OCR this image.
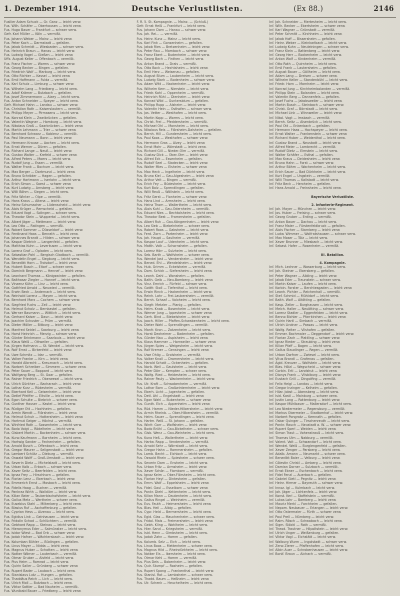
1. Dezember 1914.	Deutsche Verlustlisten.	(Ex 88.)	2146
Fusilier Adam Schuck — Gr. Ganz — leicht verw.
Fus. Wilh. Schäfer — Oberhausen — leicht verw.
Fus. Hugo Bauer — Frankfurt — schwer verw.
Gefr. Karl Müller — Köln — vermißt.
Fus. Johann Weber — Mainz — leicht verw.
Fus. Peter Koch — Darmstadt — gefallen.
Fus. Jakob Schmidt — Wiesbaden — schwer verw.
Fus. Heinrich Braun — Hanau — leicht verw.
Fus. Ludwig Vogel — Gießen — leicht verw.
Uffz. August Keller — Offenbach — vermißt.
Fus. Franz Fischer — Worms — schwer verw.
Fus. Georg Becker — Bingen — gefallen.
Fus. Friedrich Wolf — Marburg — leicht verw.
Fus. Otto Richter — Kassel — leicht verw.
Fus. Emil Hoffmann — Fulda — vermißt.
Fus. Karl Schulz — Limburg — schwer verw.
Fus. Wilhelm Lang — Friedberg — leicht verw.
Fus. Adolf Krämer — Butzbach — gefallen.
Fus. Josef Zimmermann — Alzey — leicht verw.
Fus. Anton Schneider — Speyer — leicht verw.
Gefr. Michael Hahn — Landau — schwer verw.
Fus. Christian Roth — Kaiserslautern — vermißt.
Fus. Philipp Meyer — Pirmasens — leicht verw.
Fus. Konrad Klein — Zweibrücken — gefallen.
Fus. Valentin Wagner — Homburg — leicht verw.
Fus. Nikolaus Groß — Saarbrücken — leicht verw.
Fus. Martin Lehmann — Trier — schwer verw.
Fus. Bernhard Schwarz — Koblenz — vermißt.
Fus. Paul Neumann — Bonn — leicht verw.
Fus. Hermann Krause — Aachen — leicht verw.
Fus. Ernst Werner — Düren — gefallen.
Fus. Richard Lange — Neuß — leicht verw.
Fus. Gustav Walter — Krefeld — schwer verw.
Fus. Alfred Peters — Moers — leicht verw.
Fus. Rudolf Jung — Essen — vermißt.
Fus. Walter Frank — Bochum — leicht verw.
Fus. Max Berger — Dortmund — leicht verw.
Fus. Bruno Schröder — Hagen — gefallen.
Fus. Arthur Hartmann — Iserlohn — leicht verw.
Fus. Erich Simon — Soest — schwer verw.
Fus. Kurt Ludwig — Arnsberg — leicht verw.
Fus. Willi Böhm — Siegen — leicht verw.
Fus. Fritz Winter — Olpe — vermißt.
Fus. Hans Kraus — Altena — leicht verw.
Fus. Heinz Schumacher — Lüdenscheid — leicht verw.
Fus. Alois Krüger — Remscheid — gefallen.
Fus. Eduard Vogt — Solingen — schwer verw.
Fus. Theodor Stein — Wuppertal — leicht verw.
Fus. Albert Jäger — Mettmann — leicht verw.
Fus. Leo Otto — Ratingen — vermißt.
Fus. Robert Sommer — Düsseldorf — leicht verw.
Fus. Ferdinand Haas — Benrath — leicht verw.
Fus. Johannes Brandt — Hilden — schwer verw.
Fus. Kaspar Dietrich — Langenfeld — gefallen.
Fus. Matthias Kuhn — Leverkusen — leicht verw.
Fus. Lorenz Graf — Opladen — leicht verw.
Fus. Sebastian Pohl — Bergisch Gladbach — vermißt.
Fus. Wendelin Engel — Siegburg — leicht verw.
Fus. Benedikt Horn — Troisdorf — leicht verw.
Fus. Hubert Busch — Eitorf — schwer verw.
Fus. Dominik Bergmann — Hennef — leicht verw.
Fus. Leonhard Thomas — Königswinter — gefallen.
Fus. Balthasar Ziegler — Honnef — leicht verw.
Fus. Vinzenz Kühn — Linz — leicht verw.
Fus. Gottfried Arnold — Neuwied — vermißt.
Fus. Erwin Beck — Andernach — leicht verw.
Fus. Reinhold Lorenz — Mayen — leicht verw.
Fus. Bernhard Marx — Cochem — schwer verw.
Fus. Siegfried Fuchs — Zell — leicht verw.
Fus. Helmut Scholz — Bernkastel — gefallen.
Fus. Werner Baumann — Wittlich — leicht verw.
Fus. Gerhard Kaiser — Daun — leicht verw.
Fus. Joachim Schuster — Prüm — vermißt.
Fus. Dieter Möller — Bitburg — leicht verw.
Fus. Manfred Seidel — Saarburg — leicht verw.
Fus. Horst Heinrich — Merzig — schwer verw.
Fus. Günter Brinkmann — Saarlouis — leicht verw.
Fus. Klaus Weiß — Ottweiler — gefallen.
Fus. Jürgen Hofmann — St. Wendel — leicht verw.
Fus. Rolf Ernst — Birkenfeld — leicht verw.
Fus. Uwe Schmitz — Idar — vermißt.
Fus. Volker Franke — Kirn — leicht verw.
Fus. Harald Albrecht — Kreuznach — leicht verw.
Fus. Norbert Schreiber — Simmern — schwer verw.
Fus. Peter Sauer — Boppard — leicht verw.
Fus. Wolfgang Berg — St. Goar — gefallen.
Fus. Rainer Friedrich — Oberwesel — leicht verw.
Fus. Ulrich Günther — Bacharach — leicht verw.
Fus. Lothar Kurz — Rüdesheim — vermißt.
Fus. Eberhard Keil — Geisenheim — leicht verw.
Fus. Detlef Pfeiffer — Eltville — leicht verw.
Fus. Egon Schulte — Biebrich — schwer verw.
Fus. Gunther Hauser — Kastel — leicht verw.
Fus. Rüdiger Ott — Hochheim — gefallen.
Fus. Armin Wendt — Flörsheim — leicht verw.
Fus. Helmut Schuh — Hattersheim — leicht verw.
Fus. Hartmut Geiger — Höchst — vermißt.
Fus. Winfried Roth — Sossenheim — leicht verw.
Fus. Bodo Voigt — Rödelheim — leicht verw.
Fus. Gisbert Martin — Bockenheim — schwer verw.
Fus. Kuno Kaufmann — Bornheim — leicht verw.
Fus. Hartwig Sander — Fechenheim — gefallen.
Fus. Arnold Busch — Offenbach — leicht verw.
Fus. Gregor Maurer — Seligenstadt — leicht verw.
Fus. Lambert Schütz — Dieburg — vermißt.
Fus. Oswald Wolff — Groß-Umstadt — leicht verw.
Fus. Severin Dietz — Michelstadt — leicht verw.
Fus. Urban Kolb — Erbach — schwer verw.
Fus. Xaver Seitz — Beerfelden — leicht verw.
Fus. Ignaz Frey — Hirschhorn — gefallen.
Fus. Florian Lenz — Eberbach — leicht verw.
Fus. Emmerich Ernst — Mosbach — leicht verw.
Fus. Fidelis Haag — Buchen — vermißt.
Fus. Pankraz Wirth — Walldürn — leicht verw.
Fus. Kilian Beier — Tauberbischofsheim — leicht verw.
Fus. Gallus Metz — Wertheim — schwer verw.
Fus. Eusebius Stahl — Miltenberg — leicht verw.
Fus. Blasius Ruf — Aschaffenburg — gefallen.
Fus. Cyprian Hess — Alzenau — leicht verw.
Fus. Egidius Link — Gelnhausen — leicht verw.
Fus. Fridolin Schad — Schlüchtern — vermißt.
Fus. Gebhard Rapp — Steinau — leicht verw.
Fus. Hieronymus Eder — Salmünster — leicht verw.
Fus. Isidor Wiest — Bad Orb — schwer verw.
Fus. Jodok Hafner — Wächtersbach — leicht verw.
Fus. Kolumban Bühler — Büdingen — gefallen.
Fus. Linus Mayer — Nidda — leicht verw.
Fus. Magnus Huber — Schotten — leicht verw.
Fus. Notker Wörner — Lauterbach — vermißt.
Fus. Otmar Gruber — Alsfeld — leicht verw.
Fus. Pius Heim — Romrod — leicht verw.
Fus. Quirin Sailer — Grünberg — schwer verw.
Fus. Rupert Bader — Laubach — leicht verw.
Fus. Stanislaus Lutz — Hungen — gefallen.
Fus. Thaddäus Reich — Lich — leicht verw.
Fus. Ulrich Moll — Butzbach — leicht verw.
Fus. Viktor Sattler — Bad Nauheim — vermißt.
Fus. Wunibald Bauer — Friedberg — leicht verw.
F. R. 5. St. Kompagnie. — Mainz. — (Schluß.)
Gefr. Ernst Heiß — Frankfurt — leicht verw.
Fus. Johann Dorn — Hanau — schwer verw.
Fus. Joh. Rei... — vermißt.
Fus. Heinr. Kunz — Mainz — leicht verw.
Fus. Karl Fink — Gonsenheim — gefallen.
Fus. Jakob Ries — Bretzenheim — leicht verw.
Fus. Peter Rau — Mombach — schwer verw.
Fus. Franz Ebert — Budenheim — leicht verw.
Fus. Georg Bach — Finthen — leicht verw.
Fus. Anton Brand — Drais — vermißt.
Fus. Otto Bock — Hechtsheim — leicht verw.
Fus. Emil Herz — Weisenau — gefallen.
Fus. August Blum — Laubenheim — leicht verw.
Fus. Ludwig Stark — Bodenheim — schwer verw.
Fus. Adam Witt — Nackenheim — leicht verw.
Fus. Wilhelm Kern — Nierstein — leicht verw.
Fus. Friedr. Kohl — Oppenheim — vermißt.
Fus. Heinrich Rühl — Dienheim — leicht verw.
Fus. Konrad Wild — Guntersblum — gefallen.
Fus. Philipp Rupp — Alsheim — leicht verw.
Fus. Valentin Hein — Osthofen — schwer verw.
Fus. Jos. Vetter — Westhofen — leicht verw.
Fus. Martin Kopp — Worms — leicht verw.
Fus. Christ. Frei — Pfeddersheim — vermißt.
Fus. Michael Ohl — Monsheim — leicht verw.
Fus. Nikolaus Reis — Flörsheim-Dalsheim — gefallen.
Fus. Bernh. Hill — Gundersheim — leicht verw.
Fus. Paul Koos — Westhofen — schwer verw.
Fus. Hermann Gras — Alzey — leicht verw.
Fus. Ernst Mohr — Wörrstadt — leicht verw.
Fus. Richard Gill — Nieder-Olm — vermißt.
Fus. Gustav Dick — Ober-Olm — leicht verw.
Fus. Alfred Eck — Essenheim — gefallen.
Fus. Rudolf Seel — Stadecken — leicht verw.
Fus. Walter Mies — Elsheim — schwer verw.
Fus. Max Heck — Ingelheim — leicht verw.
Fus. Bruno Kiel — Gau-Algesheim — leicht verw.
Fus. Arthur Veit — Bingen — vermißt.
Fus. Erich Fey — Büdesheim — leicht verw.
Fus. Kurt Bolz — Sprendlingen — gefallen.
Fus. Willi Reuß — Wöllstein — leicht verw.
Fus. Fritz Gerst — Flonheim — schwer verw.
Fus. Hans Lind — Armsheim — leicht verw.
Fus. Heinz Thom — Wallertheim — leicht verw.
Fus. Alois Kuhl — Gau-Odernheim — vermißt.
Fus. Eduard Nies — Bechtolsheim — leicht verw.
Fus. Theodor Best — Framersheim — gefallen.
Fus. Albert Ruh — Gau-Köngernheim — leicht verw.
Fus. Leo Sieb — Biebelnheim — schwer verw.
Fus. Robert Roos — Gabsheim — leicht verw.
Fus. Ferd. Zorn — Partenheim — leicht verw.
Fus. Joh. Haupt — Saulheim — vermißt.
Fus. Kaspar Lauf — Udenheim — leicht verw.
Fus. Matth. Volk — Schornsheim — gefallen.
Fus. Lorenz Hörr — Sulzheim — leicht verw.
Fus. Seb. Barth — Wolfsheim — schwer verw.
Fus. Wendel Jost — Vendersheim — leicht verw.
Fus. Bened. Ehl — Wendelsheim — leicht verw.
Fus. Hub. Grimm — Eckelsheim — vermißt.
Fus. Dom. Schick — Siefersheim — leicht verw.
Fus. Leonh. Dahl — Wonsheim — gefallen.
Fus. Balth. Geib — Neu-Bamberg — leicht verw.
Fus. Vinz. Emrich — Fürfeld — schwer verw.
Fus. Gottfr. Stoll — Tiefenthal — leicht verw.
Fus. Erwin Rinck — Hackenheim — leicht verw.
Fus. Reinh. Lahr — Frei-Laubersheim — vermißt.
Fus. Bernh. Schaaf — Volxheim — leicht verw.
Fus. Siegfr. Metzler — Planig — gefallen.
Fus. Helm. Knab — Bosenheim — leicht verw.
Fus. Werner Jung — Ippesheim — schwer verw.
Fus. Gerh. Bind — Biebelsheim — leicht verw.
Fus. Joach. Hiller — Pfaffen-Schwabenheim — leicht verw.
Fus. Dieter Wahl — Sprendlingen — vermißt.
Fus. Manfr. Kron — Zotzenheim — leicht verw.
Fus. Horst Dexheimer — Badenheim — gefallen.
Fus. Günter Nau — Aspisheim — leicht verw.
Fus. Klaus Hammer — Horrweiler — schwer verw.
Fus. Jürgen Spies — Welgesheim — leicht verw.
Fus. Rolf Kremer — Gensingen — leicht verw.
Fus. Uwe Ohlig — Grolsheim — vermißt.
Fus. Volker Knoll — Dromersheim — leicht verw.
Fus. Harald Schott — Ockenheim — gefallen.
Fus. Norb. Weil — Gaulsheim — leicht verw.
Fus. Peter Dörr — Kempten — schwer verw.
Fus. Wolfg. Ried — Heidesheim — leicht verw.
Fus. Rainer Pauly — Wackernheim — leicht verw.
Fus. Ulr. Kraft — Schwabenheim — vermißt.
Fus. Lothar Born — Großwinternheim — leicht verw.
Fus. Eberh. Licht — Jugenheim — gefallen.
Fus. Detl. Ahl — Engelstadt — leicht verw.
Fus. Egon Wahl — Bubenheim — schwer verw.
Fus. Gunth. Eich — Appenheim — leicht verw.
Fus. Rüd. Hamm — Nieder-Hilbersheim — leicht verw.
Fus. Armin Rheinb. — Ober-Hilbersheim — vermißt.
Fus. Helm. Sauer — Sprendlingen — leicht verw.
Fus. Hartm. Reiß — St. Johann — gefallen.
Fus. Winfr. Gorr — Wolfsheim — leicht verw.
Fus. Bodo Brühl — Gau-Bickelheim — schwer verw.
Fus. Gisb. Wenz — Gau-Weinheim — leicht verw.
Fus. Kuno Heß — Wallertheim — leicht verw.
Fus. Hartw. Rapp — Vendersheim — vermißt.
Fus. Arnold Sehr — Wörrstadt — leicht verw.
Fus. Gregor Hahn — Rommersheim — gefallen.
Fus. Lamb. Becht — Eichloch — leicht verw.
Fus. Oswald Rhein — Spiesheim — schwer verw.
Fus. Severin Dam — Ensheim — leicht verw.
Fus. Urban Fritz — Armsheim — leicht verw.
Fus. Xaver Schön — Flomborn — vermißt.
Fus. Ignaz Keim — Ober-Flörsheim — leicht verw.
Fus. Florian Heyl — Dintesheim — gefallen.
Fus. Emm. Wolf — Eppelsheim — leicht verw.
Fus. Fidel. Gaul — Esselborn — schwer verw.
Fus. Pankr. Diehl — Kettenheim — leicht verw.
Fus. Kilian Mann — Dautenheim — leicht verw.
Fus. Gallus Ringel — Weinheim — vermißt.
Fus. Eus. Fauth — Heimersheim — leicht verw.
Fus. Blas. Heil — Albig — gefallen.
Fus. Cypr. Held — Bermersheim — leicht verw.
Fus. Egid. Glas — Mauchenheim — schwer verw.
Fus. Fridol. Mais — Freimersheim — leicht verw.
Fus. Gebh. Kling — Wahlheim — leicht verw.
Fus. Hier. Sand — Kriegsheim — vermißt.
Fus. Isid. Henn — Gimbsheim — leicht verw.
Fus. Jodok Zahn — Hamm — gefallen.
Fus. Kolumb. Selz — Eich — leicht verw.
Fus. Linus Boos — Mettenheim — schwer verw.
Fus. Magnus Hild — Rheindürkheim — leicht verw.
Fus. Notker Eis — Ibersheim — leicht verw.
Fus. Otmar Kehl — Hamm — vermißt.
Fus. Pius Deis — Bobenheim — leicht verw.
Fus. Quir. Stumpf — Roxheim — gefallen.
Fus. Rupert Spang — Frankenthal — leicht verw.
Fus. Stanisl. Rot — Lambsheim — schwer verw.
Fus. Thadd. Baum — Heßheim — leicht verw.
Fus. Ulr. Schenk — Heuchelheim — leicht verw.
Inf. Joh. Schneider — Mertesheim — leicht verw.
Inf. Wilh. Becker — Ebertsheim — schwer verw.
Inf. Karl Wagner — Grünstadt — vermißt.
Inf. Peter Schmitt — Kirchheim — leicht verw.
Inf. Jakob Hoff — Bissersheim — gefallen.
Inf. Heinr. Weber — Kleinkarlbach — leicht verw.
Inf. Ludwig Kuhn — Neuleiningen — schwer verw.
Inf. Franz Klein — Battenberg — leicht verw.
Inf. Georg Herr — Bockenheim — leicht verw.
Inf. Anton Wolf — Kindenheim — vermißt.
Inf. Otto Roth — Quirnheim — leicht verw.
Inf. Emil Frank — Lautersheim — gefallen.
Inf. August Bauer — Göllheim — leicht verw.
Inf. Adam Lang — Dreisen — schwer verw.
Inf. Wilhelm Keller — Standenbühl — leicht verw.
Inf. Friedr. Horn — Marnheim — leicht verw.
Inf. Konrad Jung — Kirchheimbolanden — vermißt.
Inf. Philipp Stein — Bolanden — leicht verw.
Inf. Valentin Berg — Dannenfels — gefallen.
Inf. Josef Fuchs — Jakobsweiler — leicht verw.
Inf. Martin Busch — Steinbach — schwer verw.
Inf. Christ. Graf — Börrstadt — leicht verw.
Inf. Michael Link — Winnweiler — leicht verw.
Inf. Nikol. Vogt — Imsbach — vermißt.
Inf. Bernh. Seitz — Alsenbrück — leicht verw.
Inf. Paul Ott — Enkenbach — gefallen.
Inf. Hermann Haas — Hochspeyer — leicht verw.
Inf. Ernst Walter — Frankenstein — schwer verw.
Inf. Richard Huber — Weidenthal — leicht verw.
Inf. Gustav Brand — Neustadt — leicht verw.
Inf. Alfred Meier — Lambrecht — vermißt.
Inf. Rudolf Dietz — Elmstein — leicht verw.
Inf. Walter Schäfer — Esthal — gefallen.
Inf. Max Kraus — Deidesheim — leicht verw.
Inf. Bruno Hahn — Forst — schwer verw.
Inf. Arthur Böhm — Wachenheim — leicht verw.
Inf. Erich Sauer — Bad Dürkheim — leicht verw.
Inf. Kurt Engel — Ungstein — vermißt.
Inf. Willi Thomas — Kallstadt — leicht verw.
Inf. Fritz Beck — Herxheim — gefallen.
Inf. Hans Arnold — Freinsheim — leicht verw.

Bayerische Verlustliste.

2. Infanterie-Regiment.
Inf. Joh. Mayer — München — leicht verw.
Inf. Jos. Huber — Freising — schwer verw.
Inf. Georg Gruber — Erding — vermißt.
Inf. Anton Bauer — Dachau — leicht verw.
Inf. Franz Maier — Fürstenfeldbruck — gefallen.
Inf. Alois Fischer — Starnberg — leicht verw.
Inf. Ludw. Wimmer — Wolfratshausen — schwer verw.
Inf. Max Moser — Tölz — leicht verw.
Inf. Xaver Brunner — Miesbach — leicht verw.
Inf. Sebast. Hofer — Rosenheim — vermißt.

III. Bataillon.

4. Kompagnie.
Inf. Mich. Lechner — Wasserburg — leicht verw.
Inf. Joh. Steiner — Ebersberg — gefallen.
Inf. Peter Wagner — Aibling — leicht verw.
Inf. Jakob Eder — Traunstein — schwer verw.
Inf. Martin Kaiser — Laufen — leicht verw.
Inf. Korbin. Forster — Berchtesgaden — leicht verw.
Inf. Leonh. Pichler — Reichenhall — vermißt.
Inf. Stef. Schmid — Mühldorf — leicht verw.
Inf. Balth. Wolf — Altötting — gefallen.
Inf. Kasp. Zeller — Burghausen — leicht verw.
Inf. Melch. Haller — Neuötting — schwer verw.
Inf. Lorenz Stadler — Eggenfelden — leicht verw.
Inf. Benno Bichler — Pfarrkirchen — leicht verw.
Inf. Quirin Hartl — Simbach — vermißt.
Inf. Ulrich Lindner — Passau — leicht verw.
Inf. Wolfg. Reiter — Vilshofen — gefallen.
Inf. Emmer. Bachmaier — Deggendorf — leicht verw.
Inf. Florian Zach — Plattling — schwer verw.
Inf. Ignaz Rieder — Straubing — leicht verw.
Inf. Kilian Pfaff — Bogen — leicht verw.
Inf. Gallus Staudinger — Regen — vermißt.
Inf. Urban Dorfner — Zwiesel — leicht verw.
Inf. Vitus Brandl — Grafenau — gefallen.
Inf. Ägid. Kreuzer — Wolfstein — leicht verw.
Inf. Blas. Hölzl — Wegscheid — schwer verw.
Inf. Corbin. Ertl — Landshut — leicht verw.
Inf. Dionys Frank — Vilsbiburg — leicht verw.
Inf. Eustach Grill — Dingolfing — vermißt.
Inf. Felix Heigl — Landau — leicht verw.
Inf. Gregor Inzinger — Kelheim — gefallen.
Inf. Hilar. Jobst — Abensberg — leicht verw.
Inf. Isid. Kastl — Mainburg — schwer verw.
Inf. Justin Lang — Rottenburg — leicht verw.
Inf. Kaspar Mühlbauer — Mallersdorf — leicht verw.
Inf. Leo Niedermeier — Regensburg — vermißt.
Inf. Markus Obermeier — Stadtamhof — leicht verw.
Inf. Norbert Pongratz — Kemnath — gefallen.
Inf. Oskar Quinger — Tirschenreuth — leicht verw.
Inf. Pankr. Rauch — Neustadt a. W. — schwer verw.
Inf. Rupert Sperl — Weiden — leicht verw.
Inf. Simon Traut — Vohenstrauß — leicht verw.
Inf. Thomas Ulm — Nabburg — vermißt.
Inf. Valent. Voit — Schwandorf — leicht verw.
Inf. Wendel. Weiß — Burglengenfeld — gefallen.
Inf. Xaver Zenger — Parsberg — leicht verw.
Inf. Adalb. Amann — Neumarkt — schwer verw.
Inf. Benedikt Baier — Velburg — leicht verw.
Inf. Cölestin Christl — Amberg — leicht verw.
Inf. Damian Dorner — Sulzbach — vermißt.
Inf. Ernst Ebner — Eschenbach — leicht verw.
Inf. Fidel Fenzl — Auerbach — gefallen.
Inf. Gabriel Gietl — Pegnitz — leicht verw.
Inf. Heinr. Hirmer — Bayreuth — schwer verw.
Inf. Innoz. Igl — Kulmbach — leicht verw.
Inf. Joh. Jäger — Lichtenfels — leicht verw.
Inf. Konst. Kerl — Staffelstein — vermißt.
Inf. Lukas Lohr — Bamberg — leicht verw.
Inf. Mauriz Merkl — Forchheim — gefallen.
Inf. Nepom. Neubauer — Erlangen — leicht verw.
Inf. Otto Ostermaier — Fürth — schwer verw.
Inf. Paul Prell — Nürnberg — leicht verw.
Inf. Raim. Rösch — Schwabach — leicht verw.
Inf. Sigm. Stöckl — Roth — vermißt.
Inf. Theod. Trautner — Hilpoltstein — leicht verw.
Inf. Ulrich Unger — Weißenburg — gefallen.
Inf. Viktor Vogl — Eichstätt — leicht verw.
Inf. Walburg Wurm — Ingolstadt — schwer verw.
Inf. Zeno Zierer — Pfaffenhofen — leicht verw.
Inf. Albin Auer — Schrobenhausen — leicht verw.
Inf. Bonif. Braun — Aichach — vermißt.
